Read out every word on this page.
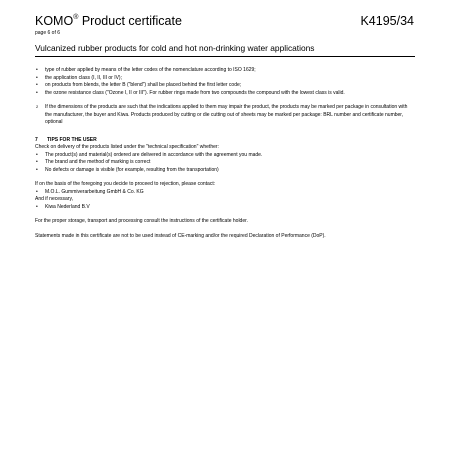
KOMO® Product certificate	K4195/34
page 6 of 6
Vulcanized rubber products for cold and hot non-drinking water applications
• type of rubber applied by means of the letter codes of the nomenclature according to ISO 1629;
• the application class (I, II, III or IV);
• on products from blends, the letter B ("blend") shall be placed behind the first letter code;
• the ozone resistance class ("Ozone I, II or III"). For rubber rings made from two compounds the compound with the lowest class is valid.
2 If the dimensions of the products are such that the indications applied to them may impair the product, the products may be marked per package in consultation with the manufacturer, the buyer and Kiwa. Products produced by cutting or die cutting out of sheets may be marked per package: BRL number and certificate number, optional

7 TIPS FOR THE USER

Check on delivery of the products listed under the "technical specification" whether:

• The product(s) and material(s) ordered are delivered in accordance with the agreement you made.
• The brand and the method of marking is correct
• No defects or damage is visible (for example, resulting from the transportation)

If on the basis of the foregoing you decide to proceed to rejection, please contact:

• M.O.L. Gummiverarbeitung GmbH & Co. KG

And if necessary,

• Kiwa Nederland B.V

For the proper storage, transport and processing consult the instructions of the certificate holder.

Statements made in this certificate are not to be used instead of CE-marking and/or the required Declaration of Performance (DoP).
